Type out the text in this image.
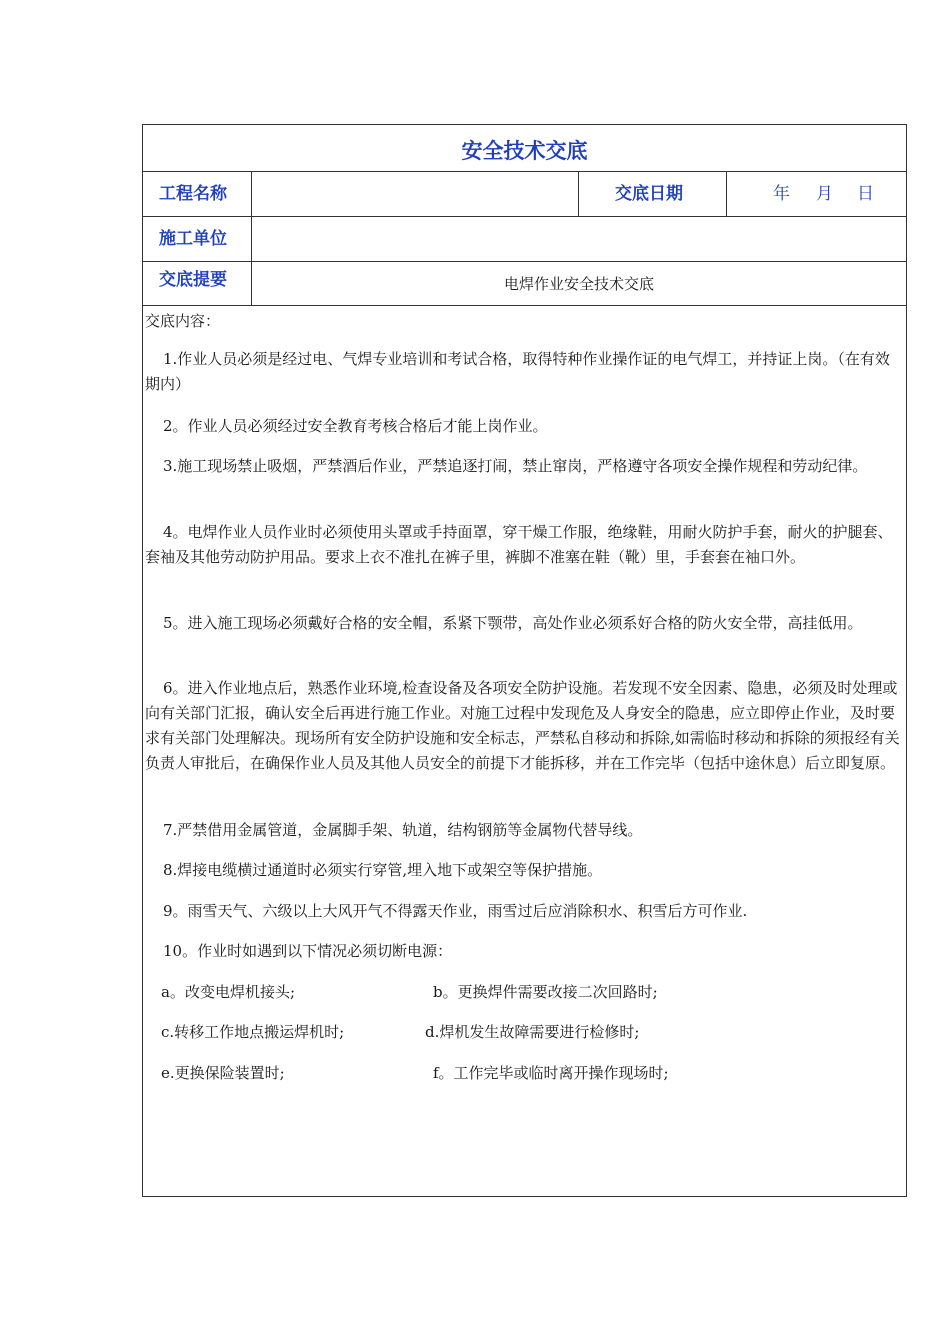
安全技术交底
工程名称	交底日期	年 月 日
施工单位
交底提要	电焊作业安全技术交底
交底内容：
1.作业人员必须是经过电、气焊专业培训和考试合格，取得特种作业操作证的电气焊工，并持证上岗。（在有效期内）
2。作业人员必须经过安全教育考核合格后才能上岗作业。
3.施工现场禁止吸烟，严禁酒后作业，严禁追逐打闹，禁止窜岗，严格遵守各项安全操作规程和劳动纪律。
4。电焊作业人员作业时必须使用头罩或手持面罩，穿干燥工作服，绝缘鞋，用耐火防护手套，耐火的护腿套、套袖及其他劳动防护用品。要求上衣不准扎在裤子里，裤脚不准塞在鞋（靴）里，手套套在袖口外。
5。进入施工现场必须戴好合格的安全帽，系紧下颚带，高处作业必须系好合格的防火安全带，高挂低用。
6。进入作业地点后，熟悉作业环境,检查设备及各项安全防护设施。若发现不安全因素、隐患，必须及时处理或向有关部门汇报，确认安全后再进行施工作业。对施工过程中发现危及人身安全的隐患，应立即停止作业，及时要求有关部门处理解决。现场所有安全防护设施和安全标志，严禁私自移动和拆除,如需临时移动和拆除的须报经有关负责人审批后，在确保作业人员及其他人员安全的前提下才能拆移，并在工作完毕（包括中途休息）后立即复原。
7.严禁借用金属管道，金属脚手架、轨道，结构钢筋等金属物代替导线。
8.焊接电缆横过通道时必须实行穿管,埋入地下或架空等保护措施。
9。雨雪天气、六级以上大风开气不得露天作业，雨雪过后应消除积水、积雪后方可作业.
10。作业时如遇到以下情况必须切断电源：
a。改变电焊机接头;	b。更换焊件需要改接二次回路时;
c.转移工作地点搬运焊机时;	d.焊机发生故障需要进行检修时;
e.更换保险装置时;	f。工作完毕或临时离开操作现场时;
